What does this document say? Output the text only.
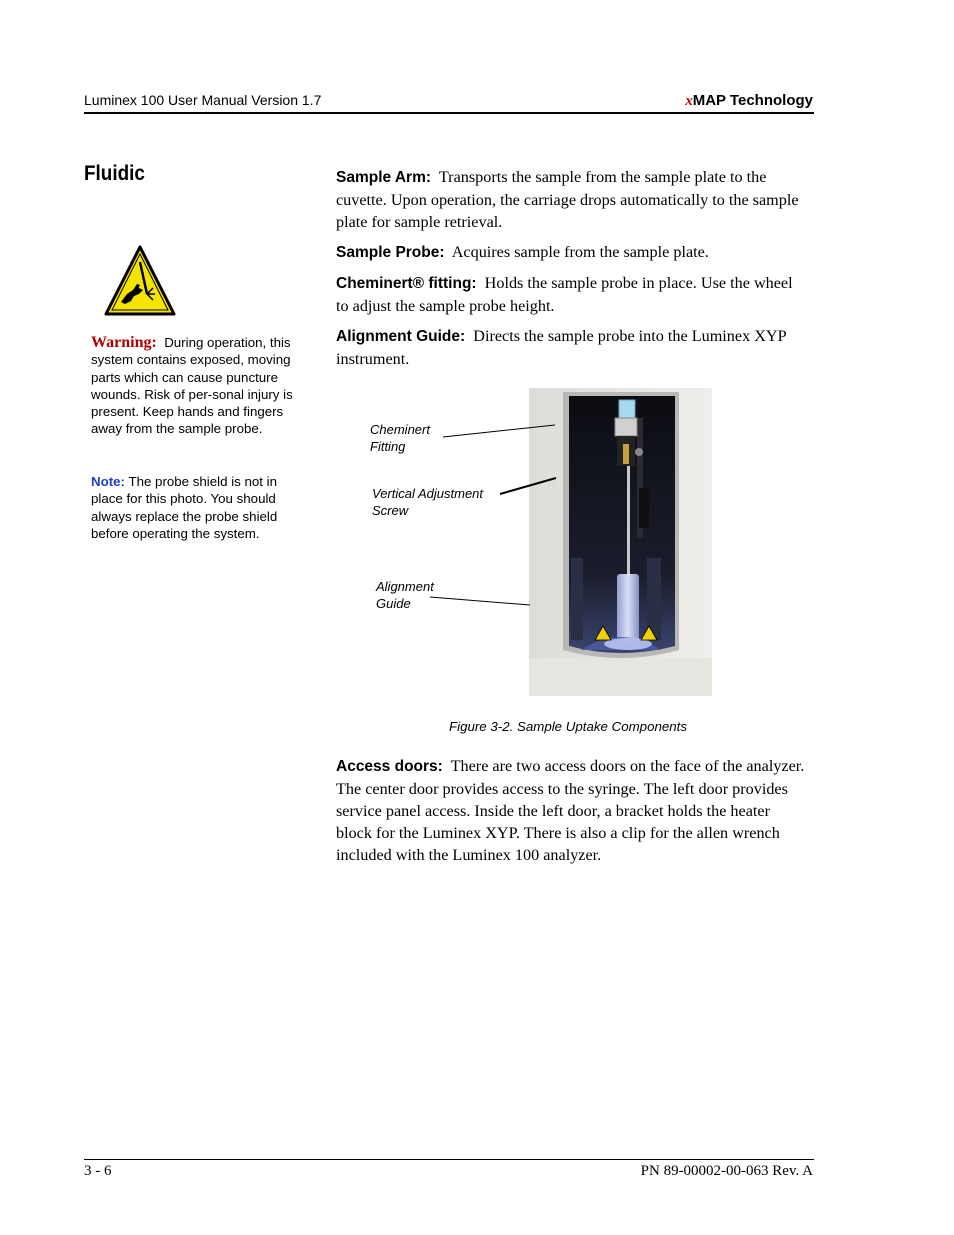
Luminex 100 User Manual Version 1.7	xMAP Technology
Fluidic
Warning: During operation, this system contains exposed, moving parts which can cause puncture wounds. Risk of per-sonal injury is present. Keep hands and fingers away from the sample probe.
Note: The probe shield is not in place for this photo. You should always replace the probe shield before operating the system.
Sample Arm: Transports the sample from the sample plate to the cuvette. Upon operation, the carriage drops automatically to the sample plate for sample retrieval.
Sample Probe: Acquires sample from the sample plate.
Cheminert® fitting: Holds the sample probe in place. Use the wheel to adjust the sample probe height.
Alignment Guide: Directs the sample probe into the Luminex XYP instrument.
Cheminert
Fitting
Vertical Adjustment
Screw
Alignment
Guide
Figure 3-2. Sample Uptake Components
Access doors: There are two access doors on the face of the analyzer. The center door provides access to the syringe. The left door provides service panel access. Inside the left door, a bracket holds the heater block for the Luminex XYP. There is also a clip for the allen wrench included with the Luminex 100 analyzer.
3 - 6	PN 89-00002-00-063 Rev. A
